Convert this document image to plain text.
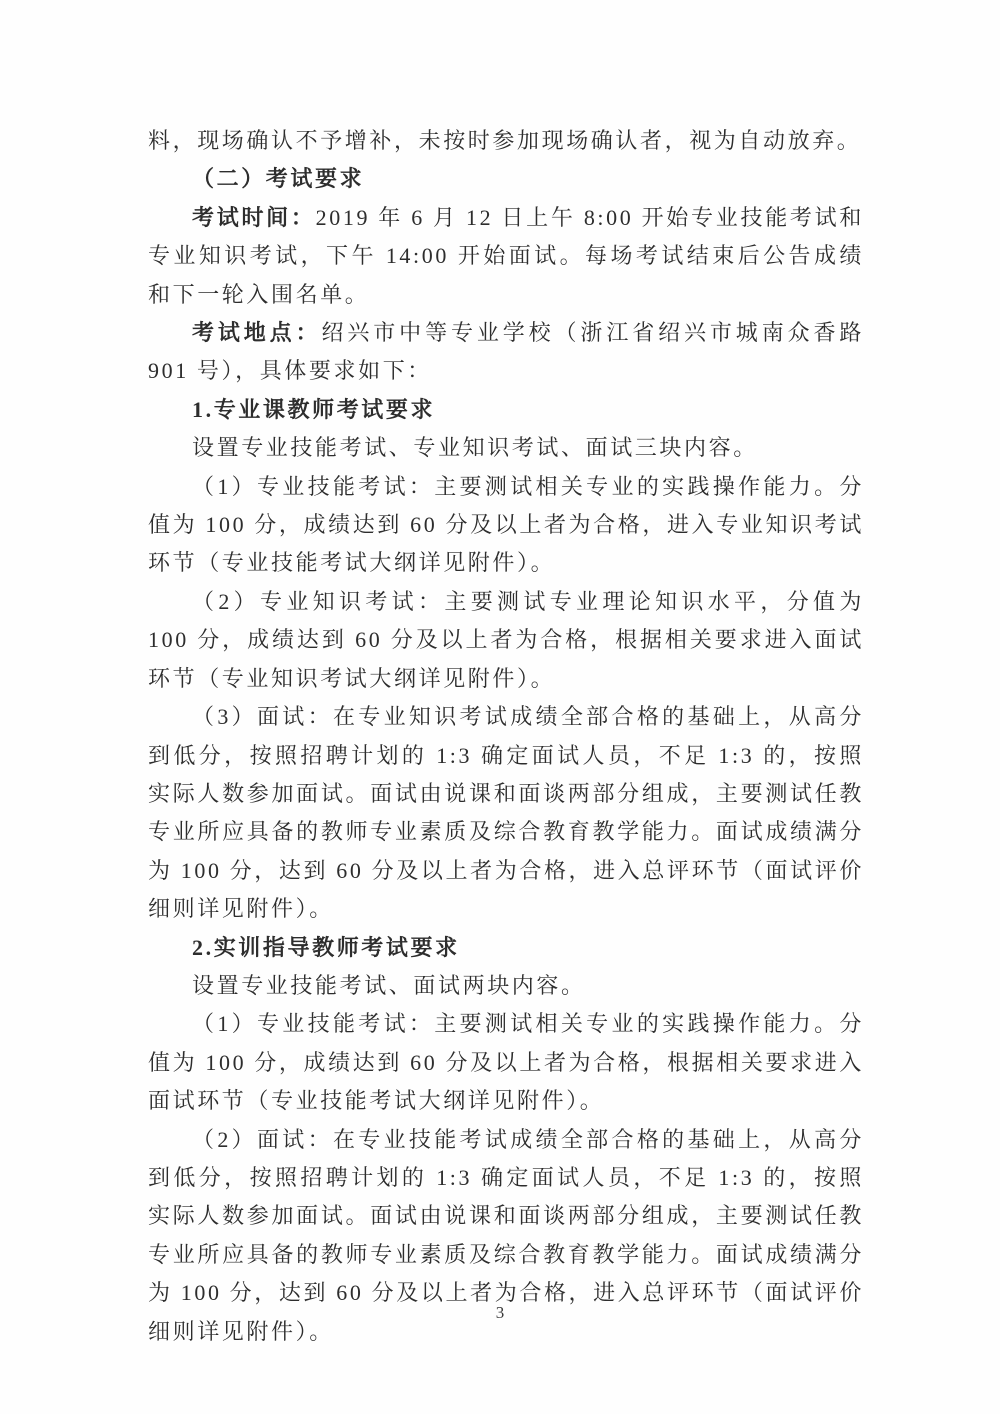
料，现场确认不予增补，未按时参加现场确认者，视为自动放弃。

（二）考试要求

考试时间：2019 年 6 月 12 日上午 8:00 开始专业技能考试和专业知识考试，下午 14:00 开始面试。每场考试结束后公告成绩和下一轮入围名单。

考试地点：绍兴市中等专业学校（浙江省绍兴市城南众香路 901 号），具体要求如下：

1.专业课教师考试要求

设置专业技能考试、专业知识考试、面试三块内容。

（1）专业技能考试：主要测试相关专业的实践操作能力。分值为 100 分，成绩达到 60 分及以上者为合格，进入专业知识考试环节（专业技能考试大纲详见附件）。

（2）专业知识考试：主要测试专业理论知识水平，分值为 100 分，成绩达到 60 分及以上者为合格，根据相关要求进入面试环节（专业知识考试大纲详见附件）。

（3）面试：在专业知识考试成绩全部合格的基础上，从高分到低分，按照招聘计划的 1:3 确定面试人员，不足 1:3 的，按照实际人数参加面试。面试由说课和面谈两部分组成，主要测试任教专业所应具备的教师专业素质及综合教育教学能力。面试成绩满分为 100 分，达到 60 分及以上者为合格，进入总评环节（面试评价细则详见附件）。

2.实训指导教师考试要求

设置专业技能考试、面试两块内容。

（1）专业技能考试：主要测试相关专业的实践操作能力。分值为 100 分，成绩达到 60 分及以上者为合格，根据相关要求进入面试环节（专业技能考试大纲详见附件）。

（2）面试：在专业技能考试成绩全部合格的基础上，从高分到低分，按照招聘计划的 1:3 确定面试人员，不足 1:3 的，按照实际人数参加面试。面试由说课和面谈两部分组成，主要测试任教专业所应具备的教师专业素质及综合教育教学能力。面试成绩满分为 100 分，达到 60 分及以上者为合格，进入总评环节（面试评价细则详见附件）。

3
